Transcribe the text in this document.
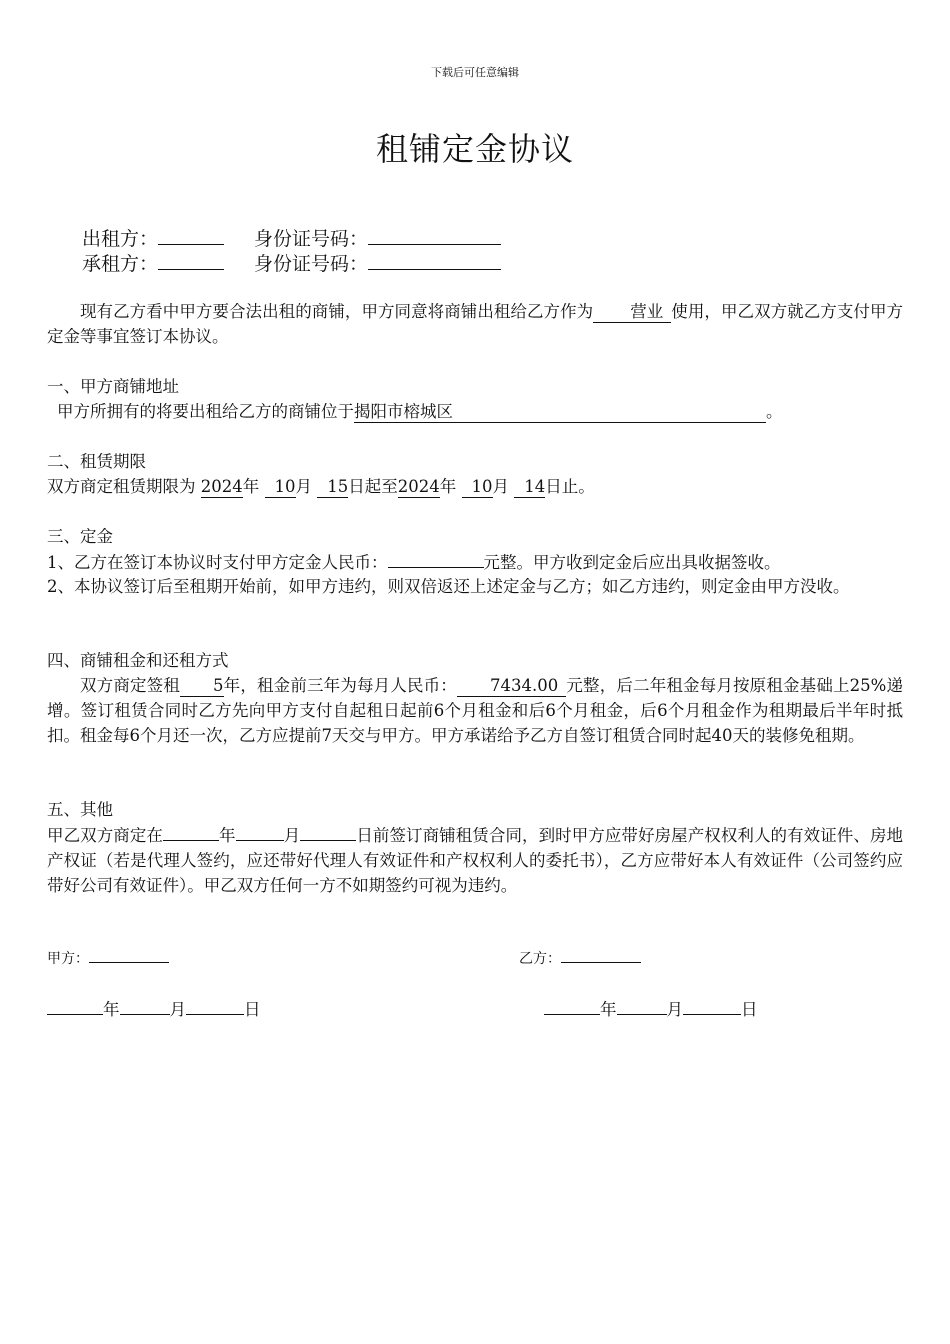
下载后可任意编辑
租铺定金协议
出租方：	身份证号码：
承租方：	身份证号码：
现有乙方看中甲方要合法出租的商铺，甲方同意将商铺出租给乙方作为 营业 使用，甲乙双方就乙方支付甲方定金等事宜签订本协议。
一、甲方商铺地址
甲方所拥有的将要出租给乙方的商铺位于揭阳市榕城区	。
二、租赁期限
双方商定租赁期限为 2024年 10月 15日起至2024年 10月 14日止。
三、定金
1、乙方在签订本协议时支付甲方定金人民币：	元整。甲方收到定金后应出具收据签收。
2、本协议签订后至租期开始前，如甲方违约，则双倍返还上述定金与乙方；如乙方违约，则定金由甲方没收。
四、商铺租金和还租方式
双方商定签租 5年，租金前三年为每月人民币： 7434.00 元整，后二年租金每月按原租金基础上25%递增。签订租赁合同时乙方先向甲方支付自起租日起前6个月租金和后6个月租金，后6个月租金作为租期最后半年时抵扣。租金每6个月还一次，乙方应提前7天交与甲方。甲方承诺给予乙方自签订租赁合同时起40天的装修免租期。
五、其他
甲乙双方商定在	年	月	日前签订商铺租赁合同，到时甲方应带好房屋产权权利人的有效证件、房地产权证（若是代理人签约，应还带好代理人有效证件和产权权利人的委托书），乙方应带好本人有效证件（公司签约应带好公司有效证件）。甲乙双方任何一方不如期签约可视为违约。
甲方：	乙方：
年	月	日	年	月	日
